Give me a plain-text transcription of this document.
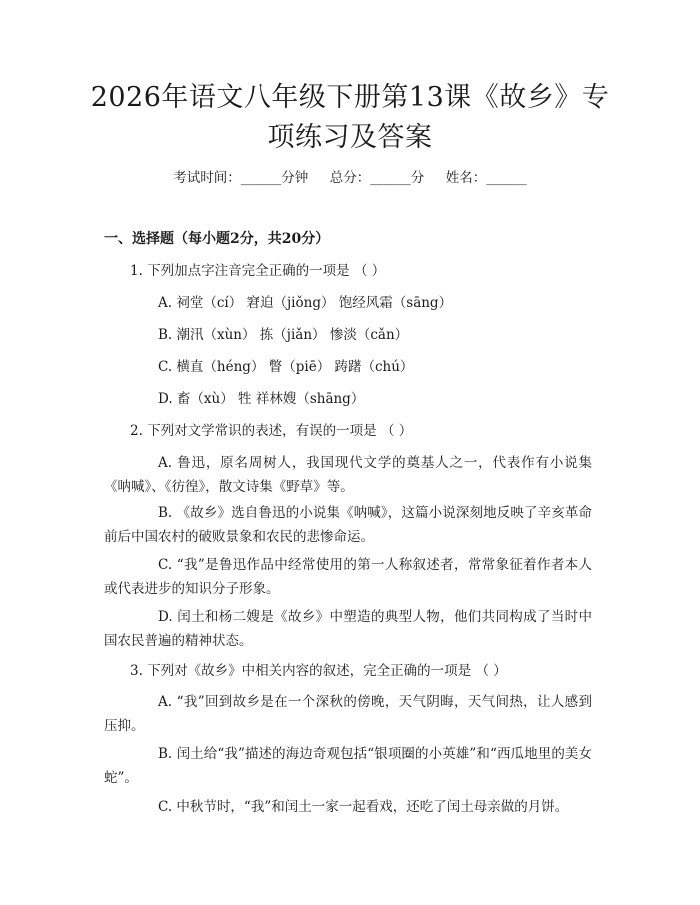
2026年语文八年级下册第13课《故乡》专
项练习及答案
考试时间：______分钟     总分：______分     姓名：______
一、选择题（每小题2分，共20分）
1. 下列加点字注音完全正确的一项是 （ ）
A. 祠堂（cí） 窘迫（jiǒng） 饱经风霜（sāng）
B. 潮汛（xùn） 拣（jiǎn） 惨淡（cǎn）
C. 横直（héng） 瞥（piē） 踌躇（chú）
D. 畜（xù） 牲 祥林嫂（shāng）
2. 下列对文学常识的表述，有误的一项是 （ ）
A. 鲁迅，原名周树人，我国现代文学的奠基人之一，代表作有小说集《呐喊》、《彷徨》，散文诗集《野草》等。
B. 《故乡》选自鲁迅的小说集《呐喊》，这篇小说深刻地反映了辛亥革命前后中国农村的破败景象和农民的悲惨命运。
C. “我”是鲁迅作品中经常使用的第一人称叙述者，常常象征着作者本人或代表进步的知识分子形象。
D. 闰土和杨二嫂是《故乡》中塑造的典型人物，他们共同构成了当时中国农民普遍的精神状态。
3. 下列对《故乡》中相关内容的叙述，完全正确的一项是 （ ）
A. “我”回到故乡是在一个深秋的傍晚，天气阴晦，天气间热，让人感到压抑。
B. 闰土给“我”描述的海边奇观包括“银项圈的小英雄”和“西瓜地里的美女蛇”。
C. 中秋节时，“我”和闰土一家一起看戏，还吃了闰土母亲做的月饼。
